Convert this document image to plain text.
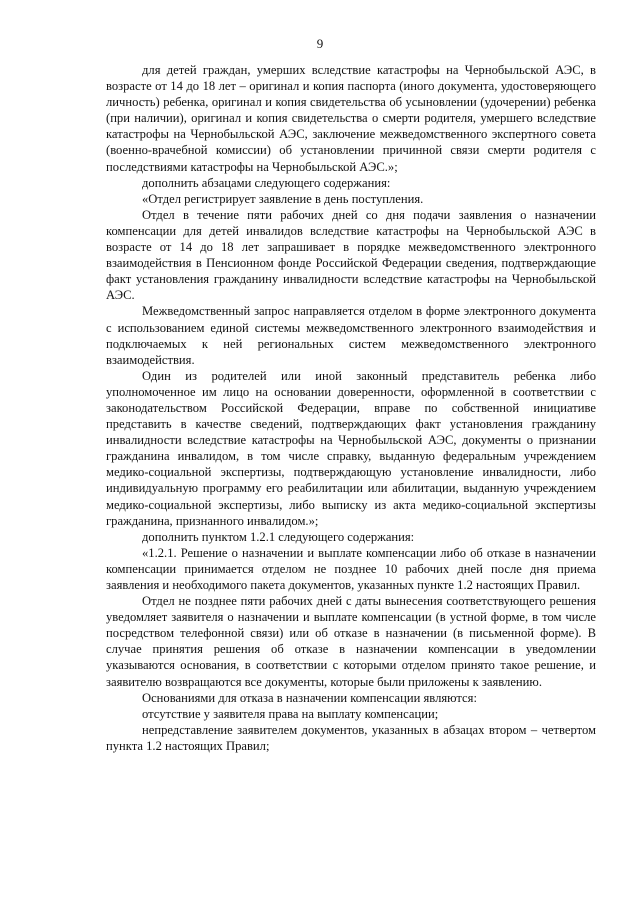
9

для детей граждан, умерших вследствие катастрофы на Чернобыльской АЭС, в возрасте от 14 до 18 лет – оригинал и копия паспорта (иного документа, удостоверяющего личность) ребенка, оригинал и копия свидетельства об усыновлении (удочерении) ребенка (при наличии), оригинал и копия свидетельства о смерти родителя, умершего вследствие катастрофы на Чернобыльской АЭС, заключение межведомственного экспертного совета (военно-врачебной комиссии) об установлении причинной связи смерти родителя с последствиями катастрофы на Чернобыльской АЭС.»;

дополнить абзацами следующего содержания:

«Отдел регистрирует заявление в день поступления.

Отдел в течение пяти рабочих дней со дня подачи заявления о назначении компенсации для детей инвалидов вследствие катастрофы на Чернобыльской АЭС в возрасте от 14 до 18 лет запрашивает в порядке межведомственного электронного взаимодействия в Пенсионном фонде Российской Федерации сведения, подтверждающие факт установления гражданину инвалидности вследствие катастрофы на Чернобыльской АЭС.

Межведомственный запрос направляется отделом в форме электронного документа с использованием единой системы межведомственного электронного взаимодействия и подключаемых к ней региональных систем межведомственного электронного взаимодействия.

Один из родителей или иной законный представитель ребенка либо уполномоченное им лицо на основании доверенности, оформленной в соответствии с законодательством Российской Федерации, вправе по собственной инициативе представить в качестве сведений, подтверждающих факт установления гражданину инвалидности вследствие катастрофы на Чернобыльской АЭС, документы о признании гражданина инвалидом, в том числе справку, выданную федеральным учреждением медико-социальной экспертизы, подтверждающую установление инвалидности, либо индивидуальную программу его реабилитации или абилитации, выданную учреждением медико-социальной экспертизы, либо выписку из акта медико-социальной экспертизы гражданина, признанного инвалидом.»;

дополнить пунктом 1.2.1 следующего содержания:

«1.2.1. Решение о назначении и выплате компенсации либо об отказе в назначении компенсации принимается отделом не позднее 10 рабочих дней после дня приема заявления и необходимого пакета документов, указанных пункте 1.2 настоящих Правил.

Отдел не позднее пяти рабочих дней с даты вынесения соответствующего решения уведомляет заявителя о назначении и выплате компенсации (в устной форме, в том числе посредством телефонной связи) или об отказе в назначении (в письменной форме). В случае принятия решения об отказе в назначении компенсации в уведомлении указываются основания, в соответствии с которыми отделом принято такое решение, и заявителю возвращаются все документы, которые были приложены к заявлению.

Основаниями для отказа в назначении компенсации являются:

отсутствие у заявителя права на выплату компенсации;

непредставление заявителем документов, указанных в абзацах втором – четвертом пункта 1.2 настоящих Правил;
